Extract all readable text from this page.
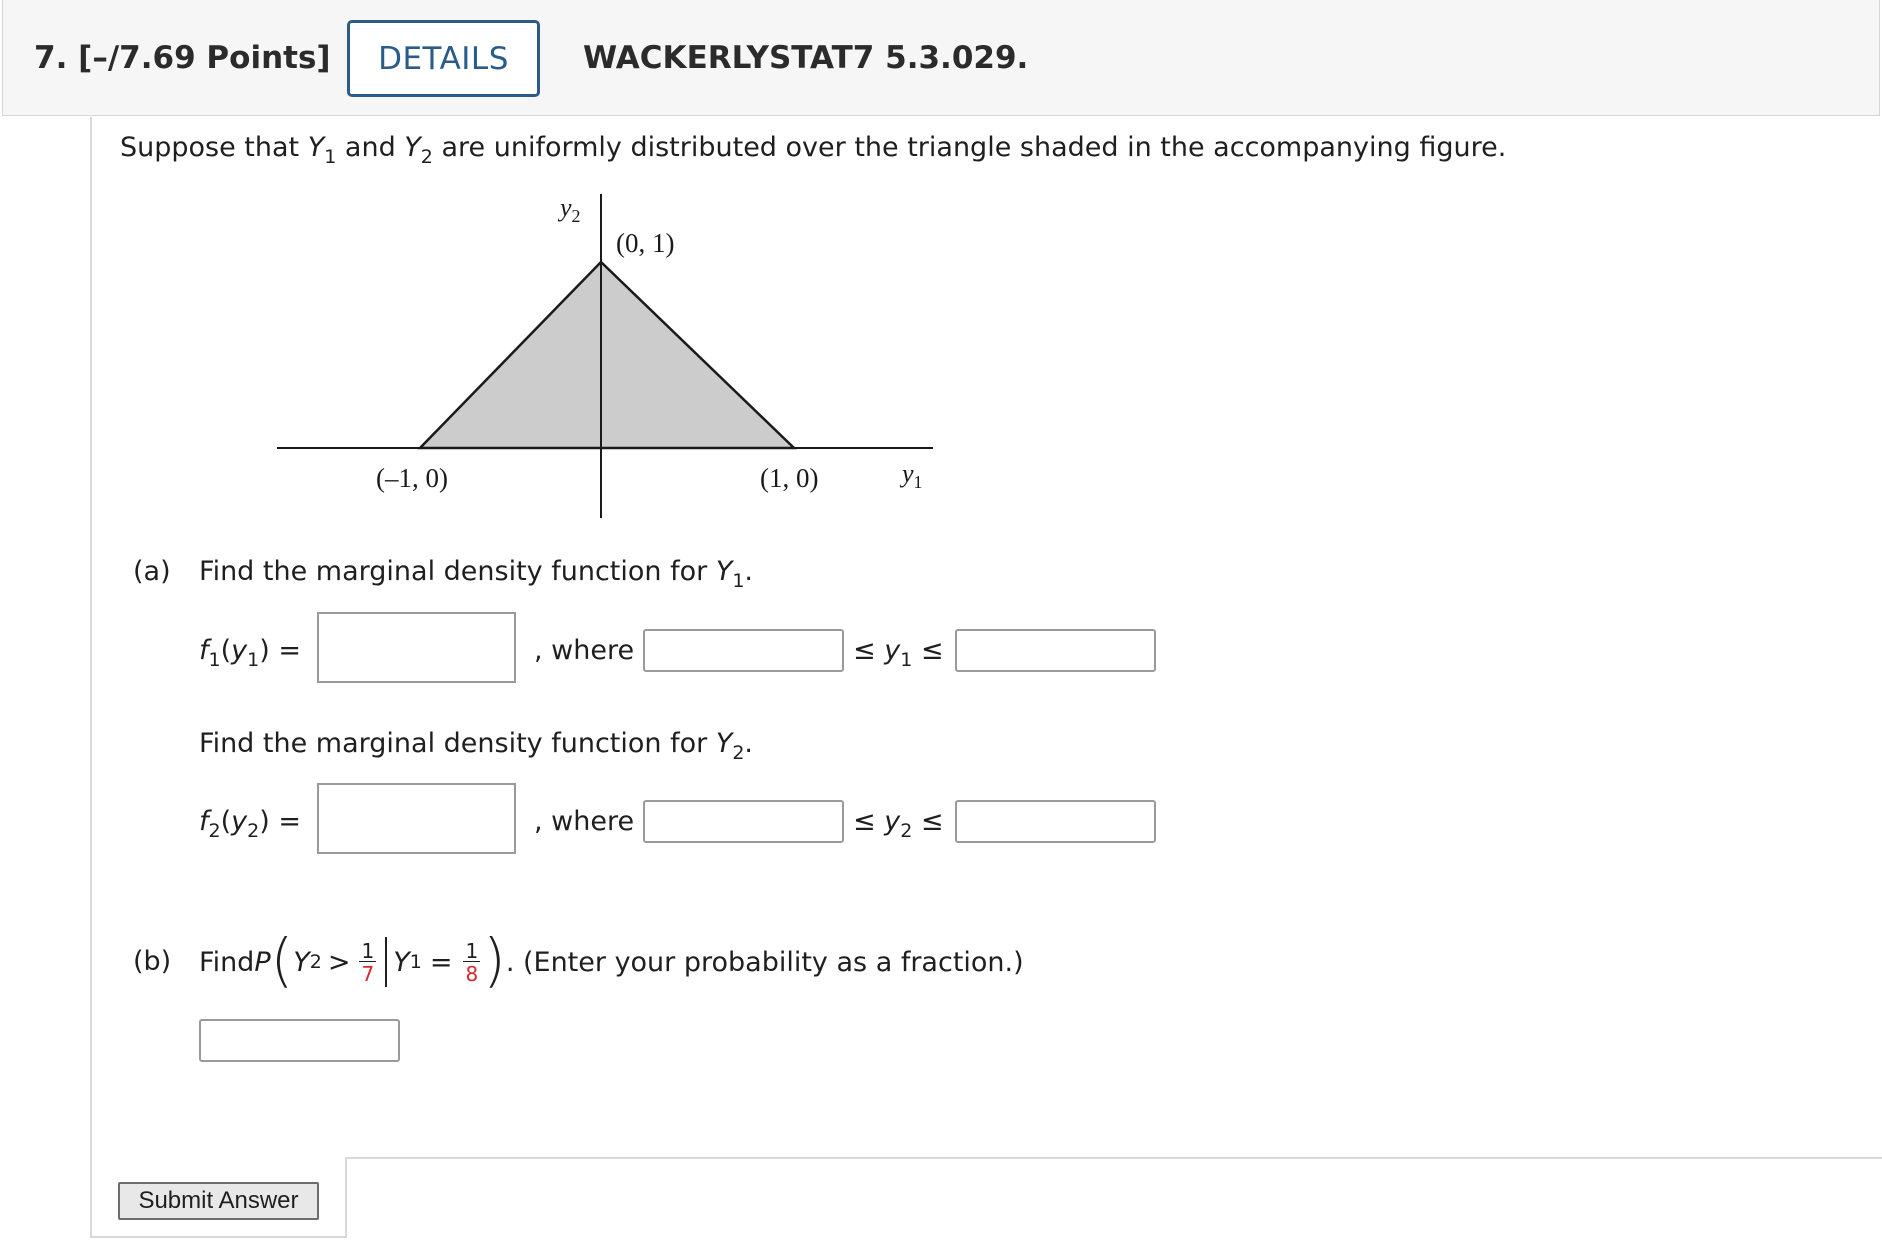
7. [–/7.69 Points]	DETAILS	WACKERLYSTAT7 5.3.029.
Suppose that $Y_1$ and $Y_2$ are uniformly distributed over the triangle shaded in the accompanying figure.
$y_2$
(0, 1)
(–1, 0)	(1, 0)	$y_1$
(a) Find the marginal density function for $Y_1$.
$f_1(y_1)$ =	, where	≤ $y_1$ ≤
Find the marginal density function for $Y_2$.
$f_2(y_2)$ =	, where	≤ $y_2$ ≤
(b) Find P ( Y $2 > \frac{1}{7}$ Y $1 = \frac{1}{8}$ ) . (Enter your probability as a fraction.)
Submit Answer
